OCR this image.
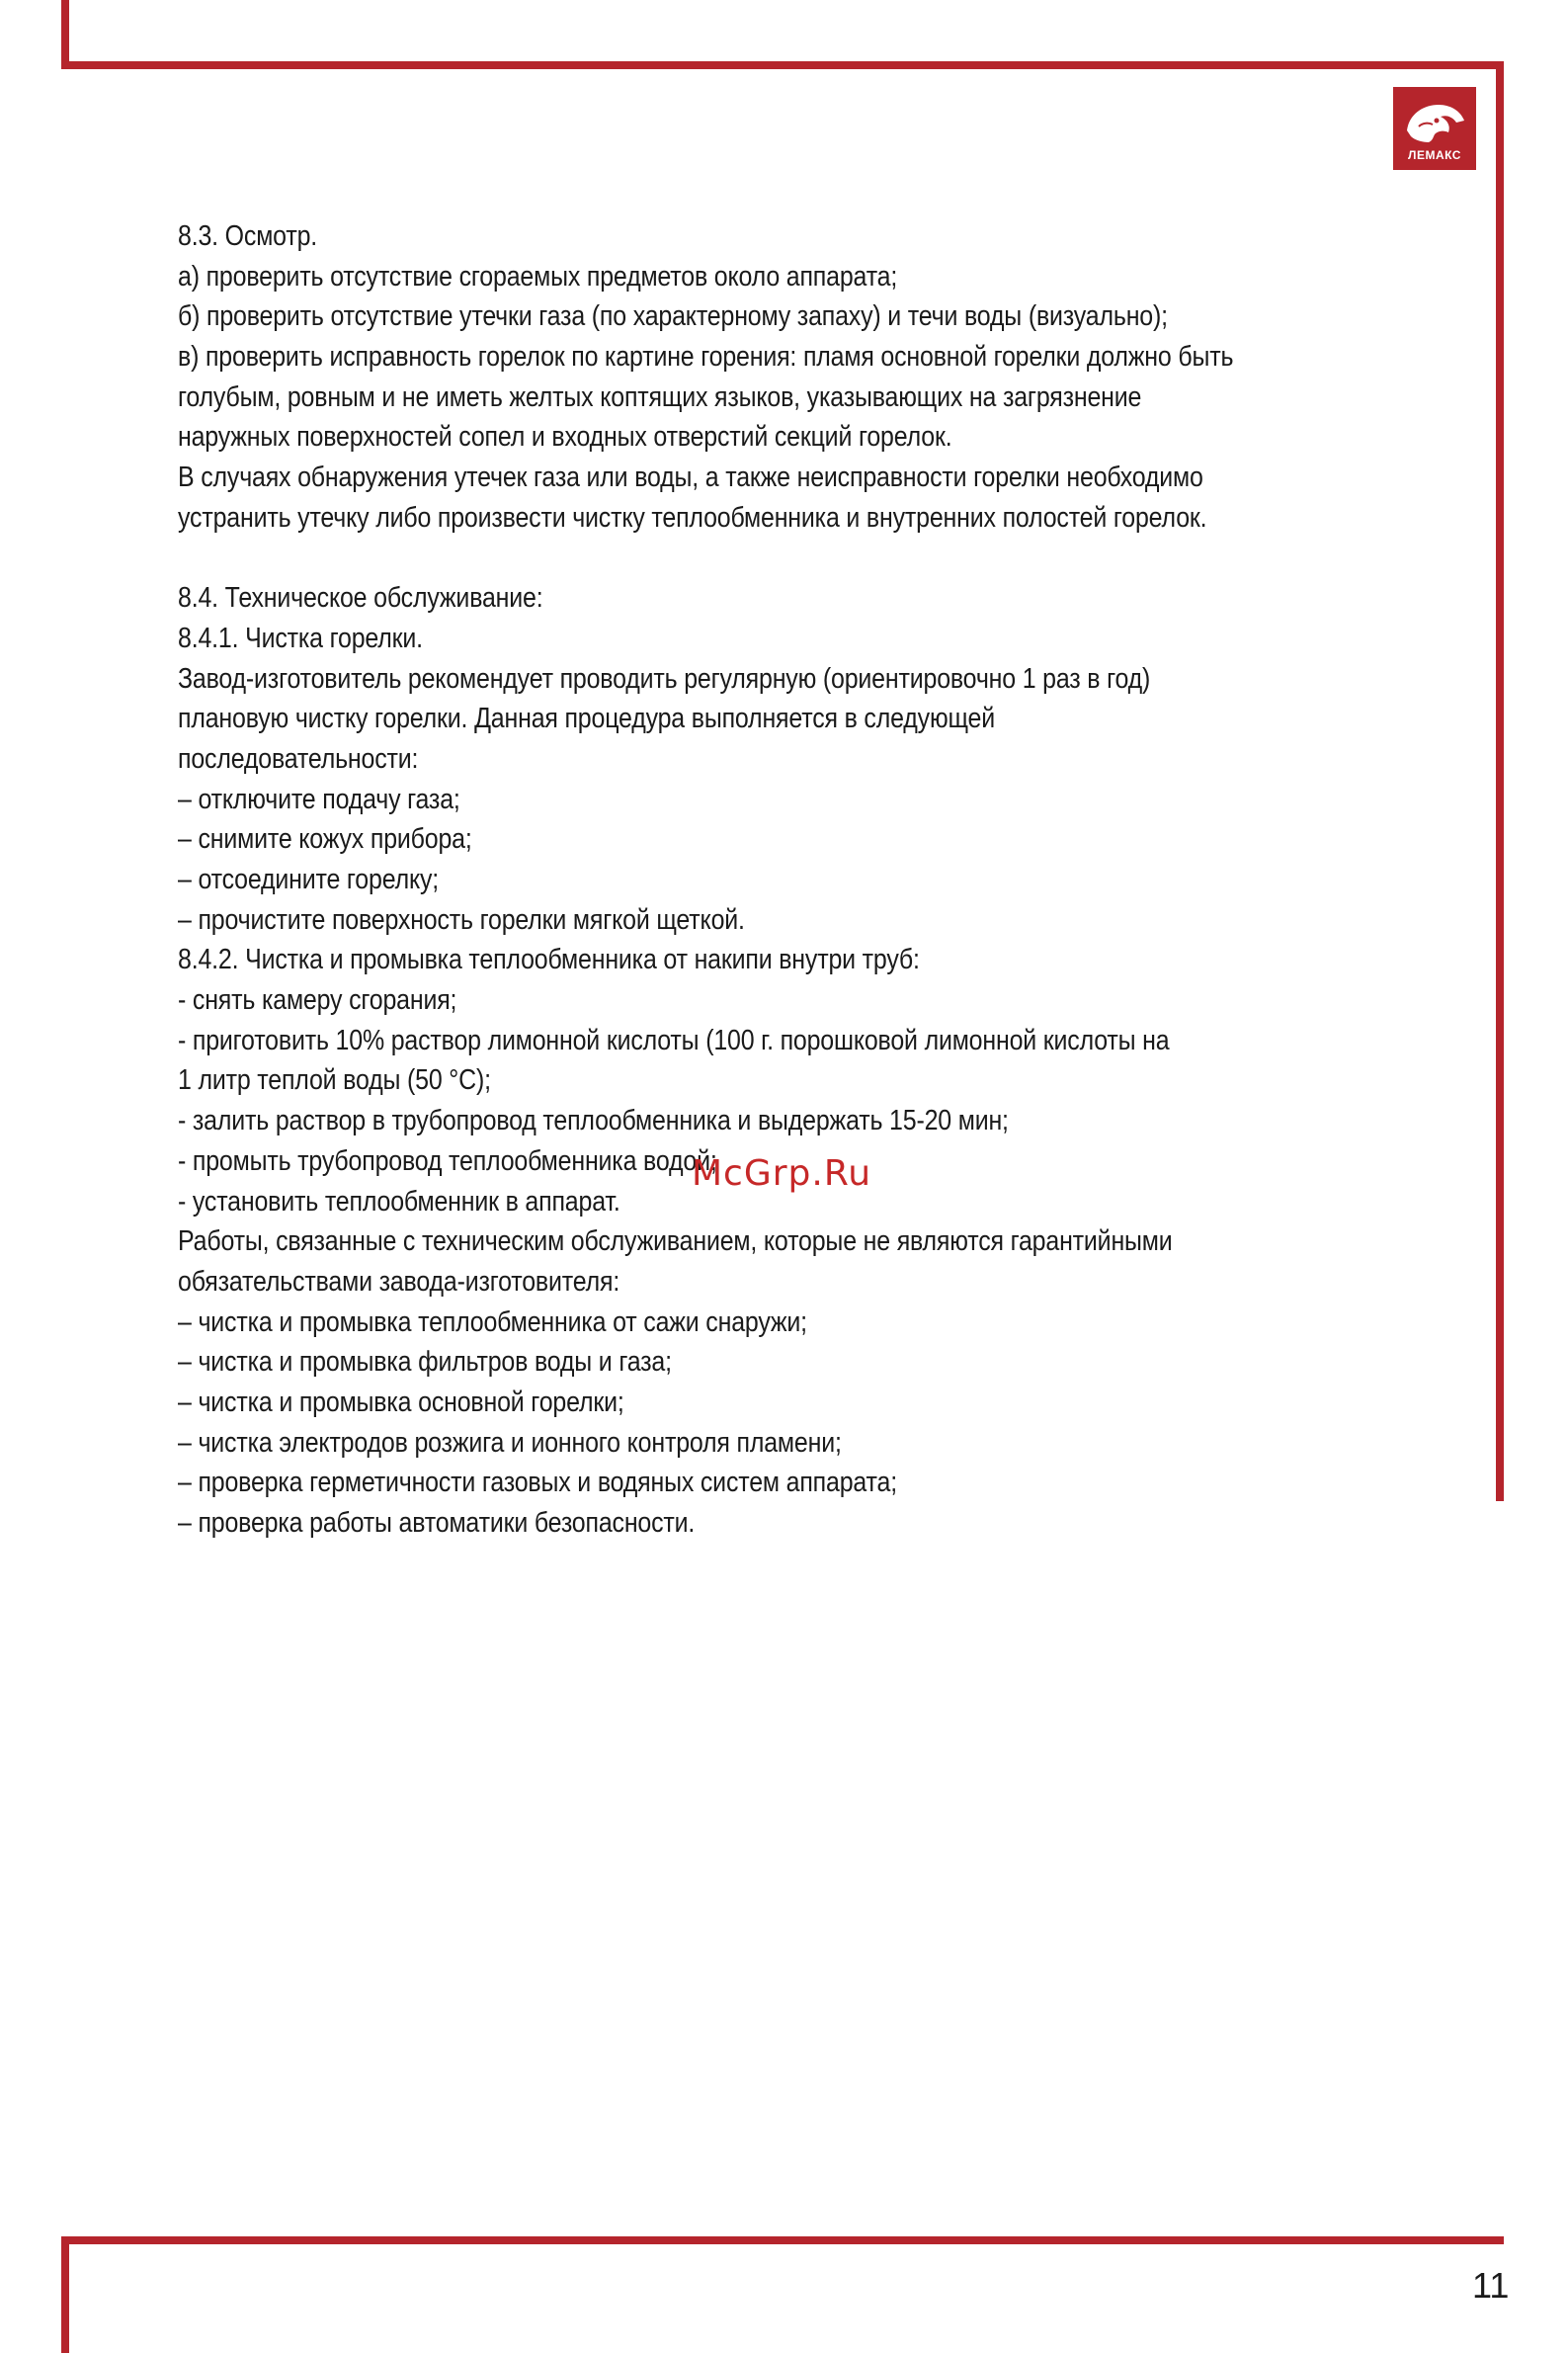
ЛЕМАКС
8.3. Осмотр.
а) проверить отсутствие сгораемых предметов около аппарата;
б) проверить отсутствие утечки газа (по характерному запаху) и течи воды (визуально);
в) проверить исправность горелок по картине горения: пламя основной горелки должно быть
голубым, ровным и не иметь желтых коптящих языков, указывающих на загрязнение
наружных поверхностей сопел и входных отверстий секций горелок.
В случаях обнаружения утечек газа или воды, а также неисправности горелки необходимо
устранить утечку либо произвести чистку теплообменника и внутренних полостей горелок.
8.4. Техническое обслуживание:
8.4.1. Чистка горелки.
Завод-изготовитель рекомендует проводить регулярную (ориентировочно 1 раз в год)
плановую чистку горелки. Данная процедура выполняется в следующей
последовательности:
– отключите подачу газа;
– снимите кожух прибора;
– отсоедините горелку;
– прочистите поверхность горелки мягкой щеткой.
8.4.2. Чистка и промывка теплообменника от накипи внутри труб:
- снять камеру сгорания;
- приготовить 10% раствор лимонной кислоты (100 г. порошковой лимонной кислоты на
1 литр теплой воды (50 °С);
- залить раствор в трубопровод теплообменника и выдержать 15-20 мин;
- промыть трубопровод теплообменника водой;
- установить теплообменник в аппарат.
Работы, связанные с техническим обслуживанием, которые не являются гарантийными
обязательствами завода-изготовителя:
– чистка и промывка теплообменника от сажи снаружи;
– чистка и промывка фильтров воды и газа;
– чистка и промывка основной горелки;
– чистка электродов розжига и ионного контроля пламени;
– проверка герметичности газовых и водяных систем аппарата;
– проверка работы автоматики безопасности.
McGrp.Ru
11
